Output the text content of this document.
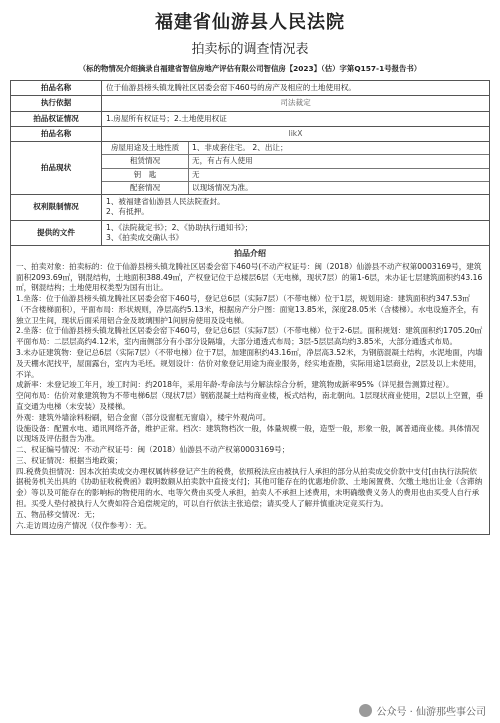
福建省仙游县人民法院
拍卖标的调查情况表
（标的物情况介绍摘录自福建省智信房地产评估有限公司智信房【2023】（估）字第Q157-1号报告书）
拍品名称	位于仙游县榜头镇龙腾社区居委会窑下460号的房产及相应的土地使用权。
执行依据	司法裁定
拍品权证情况	1.房屋所有权证号；2.土地使用权证
拍品名称	likX
拍品现状	
房屋用途及土地性质	1、非成套住宅。 2、出让；
租赁情况	无，有占有人使用
钥　匙	无
配套情况	以现场情况为准。

权利限制情况	
1、被福建省仙游县人民法院查封。
2、有抵押。

提供的文件	
1、《法院裁定书》；2、《协助执行通知书》；
3、《拍卖成交确认书》

拍品介绍

一、拍卖对象：拍卖标的：位于仙游县榜头镇龙腾社区居委会窑下460号(不动产权证号：闽（2018）仙游县不动产权第0003169号，建筑面积2093.69㎡，钢混结构，土地面积388.49㎡，产权登记位于总楼层6层（无电梯，现状7层）的第1-6层，未办证七层建筑面积约43.16㎡，钢混结构；土地使用权类型为国有出让。

1.坐落：位于仙游县榜头镇龙腾社区居委会窑下460号，登记总6层（实际7层）（不带电梯）位于1层，规划用途：建筑面积约347.53㎡（不含楼梯面积），平面布局：形状规则，净层高约5.13米，根据房产分户图：面宽13.85米，深度28.05米（含楼梯）。水电设施齐全，有独立卫生间，现状后面采用铝合金及玻璃围护1间厨房使用及设电梯。

2.坐落：位于仙游县榜头镇龙腾社区居委会窑下460号，登记总6层（实际7层）（不带电梯）位于2-6层。面积规划：建筑面积约1705.20㎡平面布局：二层层高约4.12米，室内南侧部分有小部分设隔墙，大部分通透式布局；3层-5层层高均约3.85米，大部分通透式布局。

3.未办证建筑物：登记总6层（实际7层）（不带电梯）位于7层，加建面积约43.16㎡，净层高3.52米，为钢筋混凝土结构，水泥地面，内墙及天棚水泥找平，屋面露台，室内为毛坯。规划设计：估价对象登记用途为商业服务，经实地查勘，实际用途1层商业，2层及以上未使用，不详。

成新率：未登记竣工年月，竣工时间：约2018年，采用年龄-寿命法与分解法综合分析，建筑物成新率95%（详见报告测算过程）。

空间布局：估价对象建筑物为不带电梯6层（现状7层）钢筋混凝土结构商业楼，板式结构，南北朝向。1层现状商业使用，2层以上空置，垂直交通为电梯（未安装）及楼梯。

外观：建筑外墙涂料粉刷，铝合金窗（部分设窗框无窗扇），楼宇外观尚可。

设施设备：配置水电、通讯网络齐备，维护正常。档次：建筑物档次一般，体量规模一般，造型一般，形象一般，属普通商业楼。具体情况以现场及评估报告为准。

二、权证编号情况：不动产权证号：闽（2018）仙游县不动产权第0003169号；

三、权证情况：根据当地政策；

四.税费负担情况：因本次拍卖成交办理权属转移登记产生的税费，依照税法应由被执行人承担的部分从拍卖成交价款中支付[由执行法院依据税务机关出具的《协助征收税费函》载明数额从拍卖款中直接支付]；其他可能存在的优惠地价款、土地闲置费、欠缴土地出让金（含滞纳金）等以及可能存在的影响标的物使用的水、电等欠费由买受人承担，拍卖人不承担上述费用，未明确缴费义务人的费用也由买受人自行承担。买受人垫付被执行人欠费如符合追偿规定的，可以自行依法主张追偿；请买受人了解并慎重决定竞买行为。

五、物品移交情况：无；

六.走访周边房产情况（仅作参考）：无。

公众号 · 仙游那些事公司
